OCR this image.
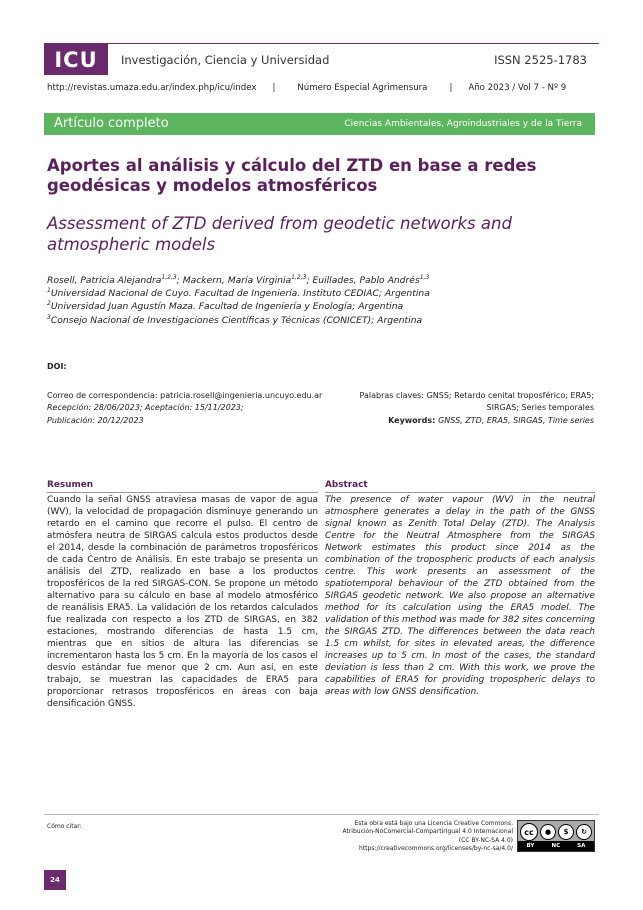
ICU	Investigación, Ciencia y Universidad	ISSN 2525-1783
http://revistas.umaza.edu.ar/index.php/icu/index |	Número Especial Agrimensura	| Año 2023 / Vol 7 - Nº 9
Artículo completo	Ciencias Ambientales, Agroindustriales y de la Tierra
Aportes al análisis y cálculo del ZTD en base a redes geodésicas y modelos atmosféricos
Assessment of ZTD derived from geodetic networks and atmospheric models
Rosell, Patricia Alejandra$^{1,2,3}$; Mackern, María Virginia$^{1,2,3}$; Euillades, Pablo Andrés$^{1,3}$
$^1$Universidad Nacional de Cuyo. Facultad de Ingeniería. Instituto CEDIAC; Argentina
$^2$Universidad Juan Agustín Maza. Facultad de Ingeniería y Enología; Argentina
$^3$Consejo Nacional de Investigaciones Científicas y Técnicas (CONICET); Argentina
DOI:
Correo de correspondencia: patricia.rosell@ingenieria.uncuyo.edu.ar
Recepción: 28/06/2023; Aceptación: 15/11/2023;
Publicación: 20/12/2023
Palabras claves: GNSS; Retardo cenital troposférico; ERA5;
SIRGAS; Series temporales
Keywords: GNSS, ZTD, ERA5, SIRGAS, Time series
Resumen
Cuando la señal GNSS atraviesa masas de vapor de agua (WV), la velocidad de propagación disminuye generando un retardo en el camino que recorre el pulso. El centro de atmósfera neutra de SIRGAS calcula estos productos desde el 2014, desde la combinación de parámetros troposféricos de cada Centro de Análisis. En este trabajo se presenta un análisis del ZTD, realizado en base a los productos troposféricos de la red SIRGAS-CON. Se propone un método alternativo para su cálculo en base al modelo atmosférico de reanálisis ERA5. La validación de los retardos calculados fue realizada con respecto a los ZTD de SIRGAS, en 382 estaciones, mostrando diferencias de hasta 1.5 cm, mientras que en sitios de altura las diferencias se incrementaron hasta los 5 cm. En la mayoría de los casos el desvío estándar fue menor que 2 cm. Aun así, en este trabajo, se muestran las capacidades de ERA5 para proporcionar retrasos troposféricos en áreas con baja densificación GNSS.
Abstract
The presence of water vapour (WV) in the neutral atmosphere generates a delay in the path of the GNSS signal known as Zenith Total Delay (ZTD). The Analysis Centre for the Neutral Atmosphere from the SIRGAS Network estimates this product since 2014 as the combination of the tropospheric products of each analysis centre. This work presents an assessment of the spatiotemporal behaviour of the ZTD obtained from the SIRGAS geodetic network. We also propose an alternative method for its calculation using the ERA5 model. The validation of this method was made for 382 sites concerning the SIRGAS ZTD. The differences between the data reach 1.5 cm whilst, for sites in elevated areas, the difference increases up to 5 cm. In most of the cases, the standard deviation is less than 2 cm. With this work, we prove the capabilities of ERA5 for providing tropospheric delays to areas with low GNSS densification.
Cómo citar:	Esta obra está bajo una Licencia Creative Commons.
Atribución-NoComercial-CompartirIgual 4.0 Internacional
(CC BY-NC-SA 4.0)
https://creativecommons.org/licenses/by-nc-sa/4.0/
cc	●	$	↻
BY	NC	SA
24
